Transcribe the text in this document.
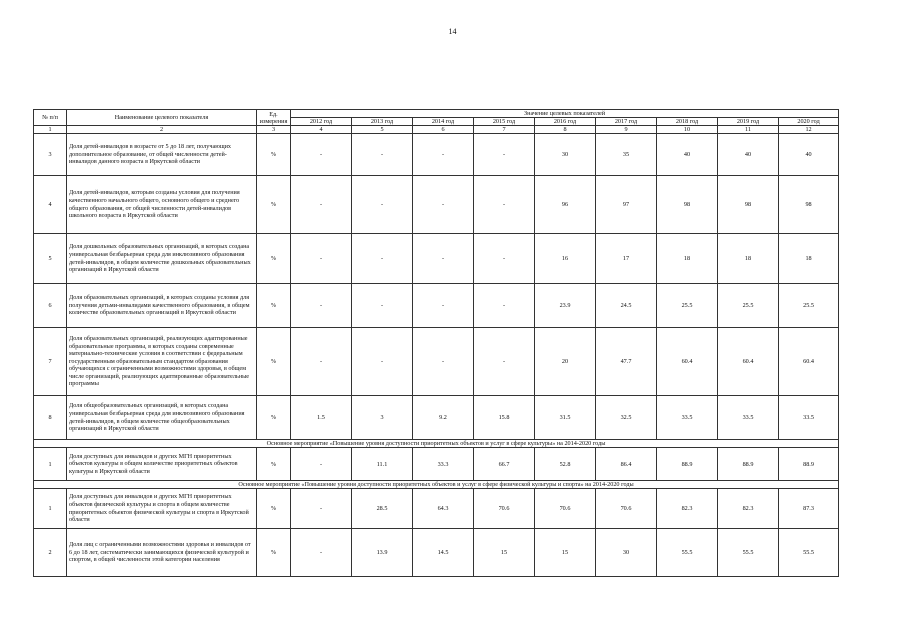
14
№ п/п	Наименование целевого показателя	Ед. измерения	Значение целевых показателей								
			2012 год	2013 год	2014 год	2015 год	2016 год	2017 год	2018 год	2019 год	2020 год
1	2	3	4	5	6	7	8	9	10	11	12
3	Доля детей-инвалидов в возрасте от 5 до 18 лет, получающих дополнительное образование, от общей численности детей-инвалидов данного возраста в Иркутской области	%	-	-	-	-	30	35	40	40	40
4	Доля детей-инвалидов, которым созданы условия для получения качественного начального общего, основного общего и среднего общего образования, от общей численности детей-инвалидов школьного возраста в Иркутской области	%	-	-	-	-	96	97	98	98	98
5	Доля дошкольных образовательных организаций, в которых создана универсальная безбарьерная среда для инклюзивного образования детей-инвалидов, в общем количестве дошкольных образовательных организаций в Иркутской области	%	-	-	-	-	16	17	18	18	18
6	Доля образовательных организаций, в которых созданы условия для получения детьми-инвалидами качественного образования, в общем количестве образовательных организаций в Иркутской области	%	-	-	-	-	23.9	24.5	25.5	25.5	25.5
7	Доля образовательных организаций, реализующих адаптированные образовательные программы, в которых созданы современные материально-технические условия в соответствии с федеральным государственным образовательным стандартом образования обучающихся с ограниченными возможностями здоровья, в общем числе организаций, реализующих адаптированные образовательные программы	%	-	-	-	-	20	47.7	60.4	60.4	60.4
8	Доля общеобразовательных организаций, в которых создана универсальная безбарьерная среда для инклюзивного образования детей-инвалидов, в общем количестве общеобразовательных организаций в Иркутской области	%	1.5	3	9.2	15.8	31.5	32.5	33.5	33.5	33.5
Основное мероприятие «Повышение уровня доступности приоритетных объектов и услуг в сфере культуры» на 2014-2020 годы											
1	Доля доступных для инвалидов и других МГН приоритетных объектов культуры в общем количестве приоритетных объектов культуры в Иркутской области	%	-	11.1	33.3	66.7	52.8	86.4	88.9	88.9	88.9
Основное мероприятие «Повышение уровня доступности приоритетных объектов и услуг в сфере физической культуры и спорта» на 2014-2020 годы											
1	Доля доступных для инвалидов и других МГН приоритетных объектов физической культуры и спорта в общем количестве приоритетных объектов физической культуры и спорта в Иркутской области	%	-	28.5	64.3	70.6	70.6	70.6	82.3	82.3	87.3
2	Доля лиц с ограниченными возможностями здоровья и инвалидов от 6 до 18 лет, систематически занимающихся физической культурой и спортом, в общей численности этой категории населения	%	-	13.9	14.5	15	15	30	55.5	55.5	55.5
